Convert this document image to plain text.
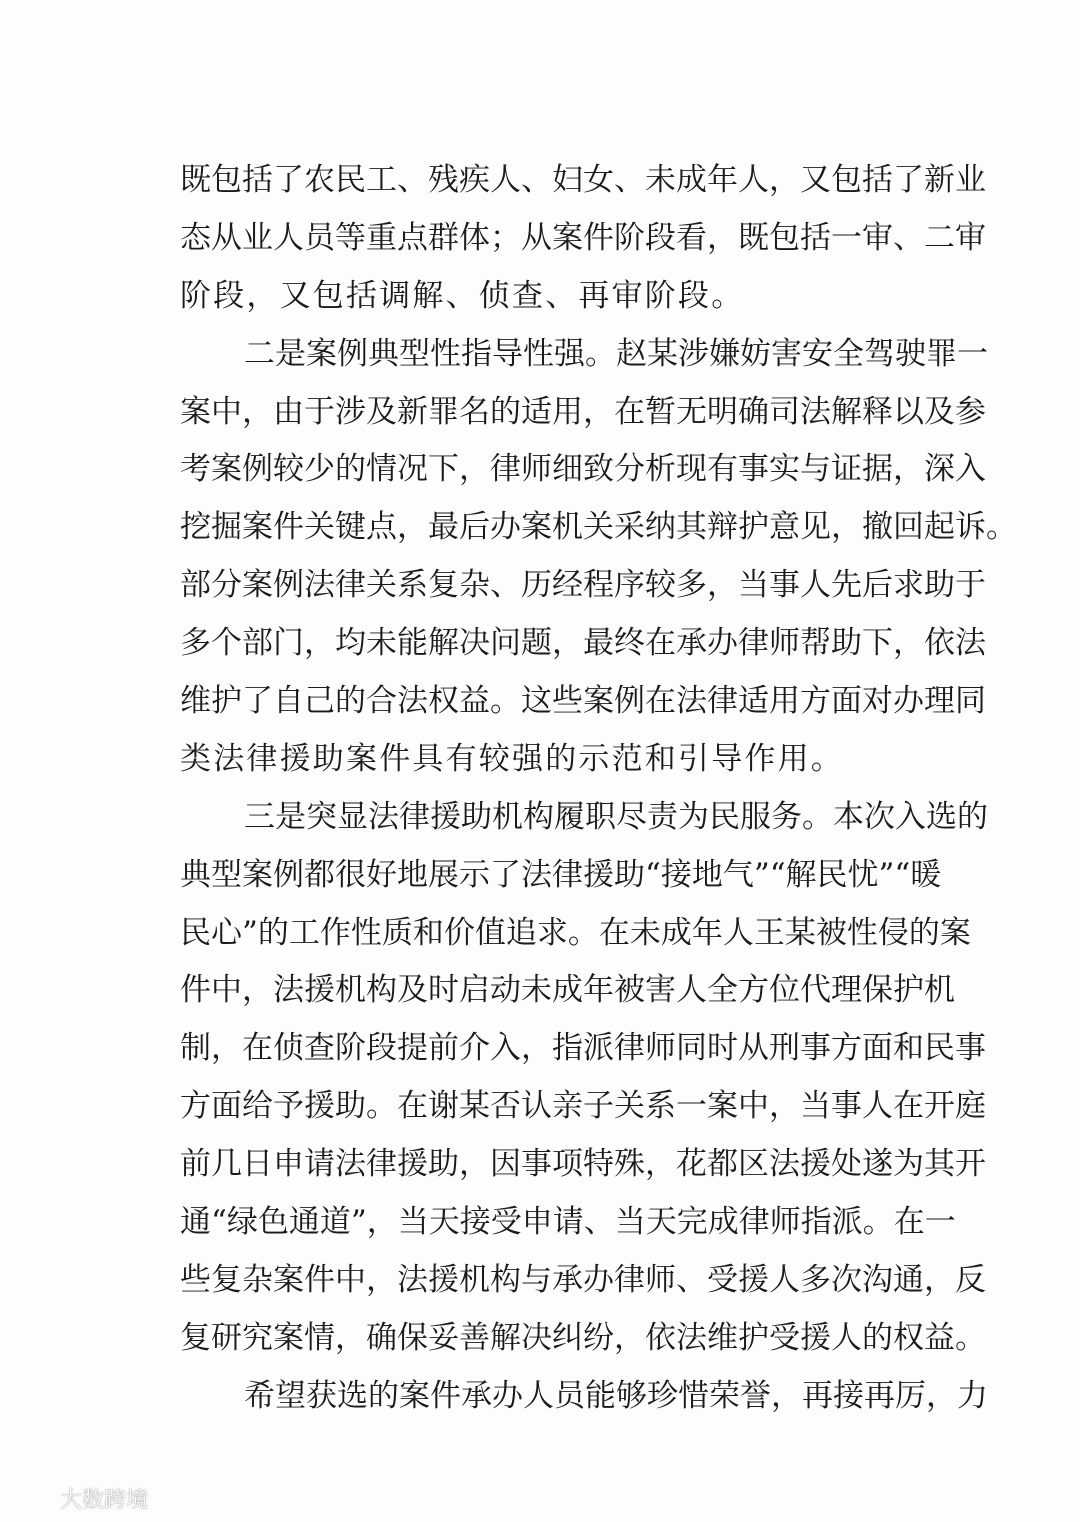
既包括了农民工、残疾人、妇女、未成年人，又包括了新业
态从业人员等重点群体；从案件阶段看，既包括一审、二审
阶段，又包括调解、侦查、再审阶段。
二是案例典型性指导性强。赵某涉嫌妨害安全驾驶罪一
案中，由于涉及新罪名的适用，在暂无明确司法解释以及参
考案例较少的情况下，律师细致分析现有事实与证据，深入
挖掘案件关键点，最后办案机关采纳其辩护意见，撤回起诉。
部分案例法律关系复杂、历经程序较多，当事人先后求助于
多个部门，均未能解决问题，最终在承办律师帮助下，依法
维护了自己的合法权益。这些案例在法律适用方面对办理同
类法律援助案件具有较强的示范和引导作用。
三是突显法律援助机构履职尽责为民服务。本次入选的
典型案例都很好地展示了法律援助“接地气”“解民忧”“暖
民心”的工作性质和价值追求。在未成年人王某被性侵的案
件中，法援机构及时启动未成年被害人全方位代理保护机
制，在侦查阶段提前介入，指派律师同时从刑事方面和民事
方面给予援助。在谢某否认亲子关系一案中，当事人在开庭
前几日申请法律援助，因事项特殊，花都区法援处遂为其开
通“绿色通道”，当天接受申请、当天完成律师指派。在一
些复杂案件中，法援机构与承办律师、受援人多次沟通，反
复研究案情，确保妥善解决纠纷，依法维护受援人的权益。
希望获选的案件承办人员能够珍惜荣誉，再接再厉，力
大数跨境
